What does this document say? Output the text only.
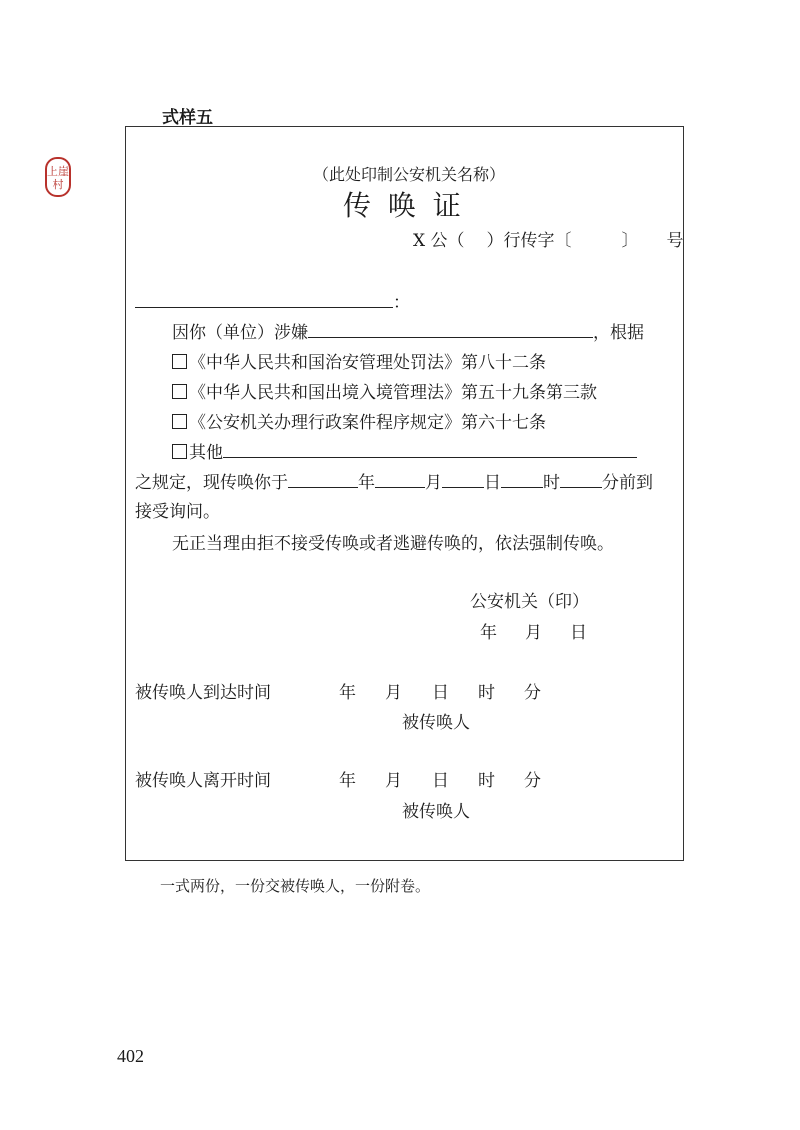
式样五
上崖村
（此处印制公安机关名称）
传 唤 证
X 公（ ）行传字〔	〕 号
：
因你（单位）涉嫌	，根据
《中华人民共和国治安管理处罚法》第八十二条
《中华人民共和国出境入境管理法》第五十九条第三款
《公安机关办理行政案件程序规定》第六十七条
其他
之规定，现传唤你于	年	月 日 时 分前到
接受询问。
无正当理由拒不接受传唤或者逃避传唤的，依法强制传唤。
公安机关（印）
年 月 日
被传唤人到达时间	年 月 日 时 分
被传唤人
被传唤人离开时间	年 月 日 时 分
被传唤人
一式两份，一份交被传唤人，一份附卷。
402
